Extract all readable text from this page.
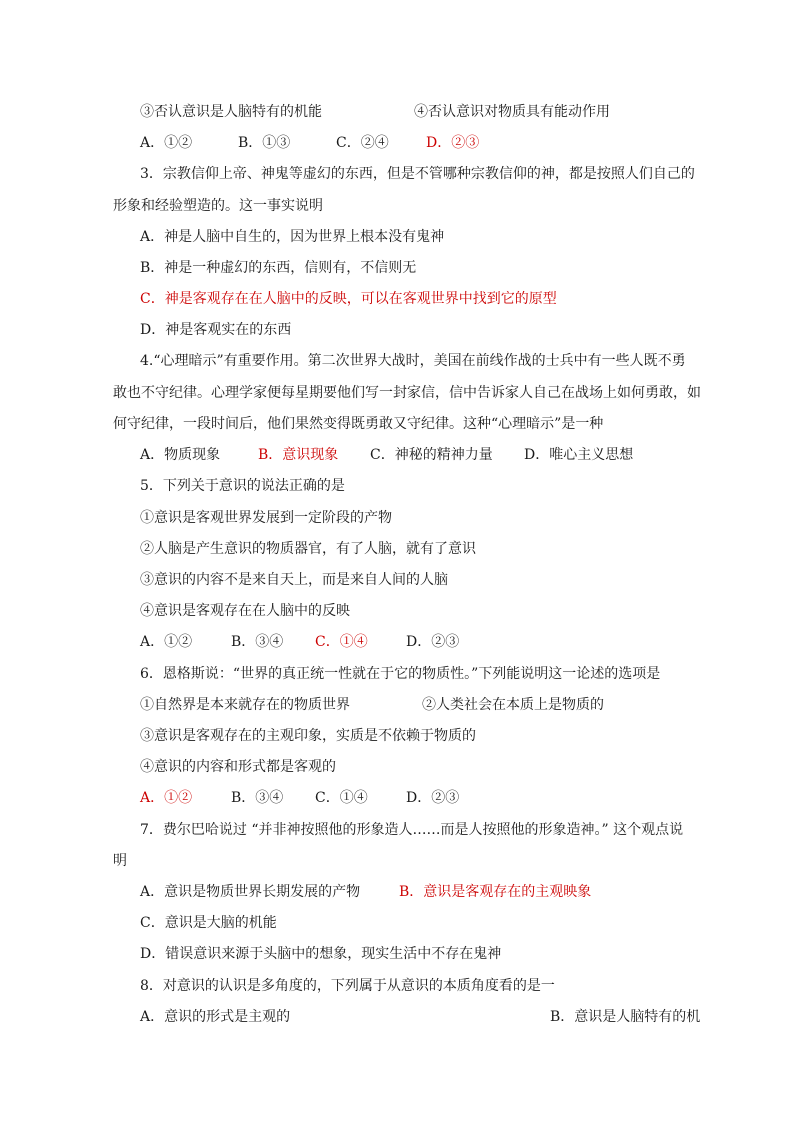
③否认意识是人脑特有的机能

	④否认意识对物质具有能动作用

A．①②

	B．①③

	C．②④

	D．②③

3．宗教信仰上帝、神鬼等虚幻的东西，但是不管哪种宗教信仰的神，都是按照人们自己的
形象和经验塑造的。这一事实说明
A．神是人脑中自生的，因为世界上根本没有鬼神
B．神是一种虚幻的东西，信则有，不信则无
C．神是客观存在在人脑中的反映，可以在客观世界中找到它的原型
D．神是客观实在的东西
4.“心理暗示”有重要作用。第二次世界大战时，美国在前线作战的士兵中有一些人既不勇
敢也不守纪律。心理学家便每星期要他们写一封家信，信中告诉家人自己在战场上如何勇敢，如
何守纪律，一段时间后，他们果然变得既勇敢又守纪律。这种“心理暗示”是一种

A．物质现象

	B．意识现象

C．神秘的精神力量

D．唯心主义思想

5．下列关于意识的说法正确的是
①意识是客观世界发展到一定阶段的产物
②人脑是产生意识的物质器官，有了人脑，就有了意识
③意识的内容不是来自天上，而是来自人间的人脑
④意识是客观存在在人脑中的反映

A．①②

	B．③④

C．①④

	D．②③

6．恩格斯说：“世界的真正统一性就在于它的物质性。”下列能说明这一论述的选项是

①自然界是本来就存在的物质世界

	②人类社会在本质上是物质的

③意识是客观存在的主观印象，实质是不依赖于物质的
④意识的内容和形式都是客观的

A．①②

	B．③④

C．①④

	D．②③

7．费尔巴哈说过 “并非神按照他的形象造人……而是人按照他的形象造神。” 这个观点说
明

A．意识是物质世界长期发展的产物

	B．意识是客观存在的主观映象

C．意识是大脑的机能
D．错误意识来源于头脑中的想象，现实生活中不存在鬼神
8．对意识的认识是多角度的，下列属于从意识的本质角度看的是一

A．意识的形式是主观的

	B．意识是人脑特有的机
